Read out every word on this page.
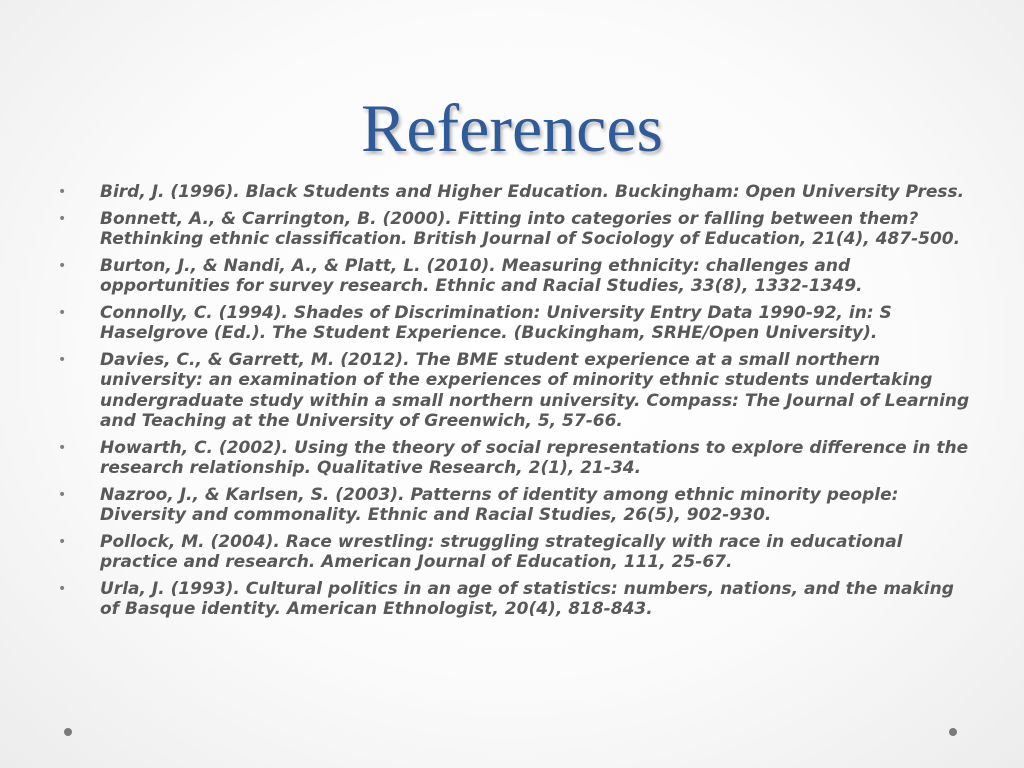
References
• Bird, J. (1996). Black Students and Higher Education. Buckingham: Open University Press.
• Bonnett, A., & Carrington, B. (2000). Fitting into categories or falling between them? Rethinking ethnic classification. British Journal of Sociology of Education, 21(4), 487-500.
• Burton, J., & Nandi, A., & Platt, L. (2010). Measuring ethnicity: challenges and opportunities for survey research. Ethnic and Racial Studies, 33(8), 1332-1349.
• Connolly, C. (1994). Shades of Discrimination: University Entry Data 1990-92, in: S Haselgrove (Ed.). The Student Experience. (Buckingham, SRHE/Open University).
• Davies, C., & Garrett, M. (2012). The BME student experience at a small northern university: an examination of the experiences of minority ethnic students undertaking undergraduate study within a small northern university. Compass: The Journal of Learning and Teaching at the University of Greenwich, 5, 57-66.
• Howarth, C. (2002). Using the theory of social representations to explore difference in the research relationship. Qualitative Research, 2(1), 21-34.
• Nazroo, J., & Karlsen, S. (2003). Patterns of identity among ethnic minority people: Diversity and commonality. Ethnic and Racial Studies, 26(5), 902-930.
• Pollock, M. (2004). Race wrestling: struggling strategically with race in educational practice and research. American Journal of Education, 111, 25-67.
• Urla, J. (1993). Cultural politics in an age of statistics: numbers, nations, and the making of Basque identity. American Ethnologist, 20(4), 818-843.
